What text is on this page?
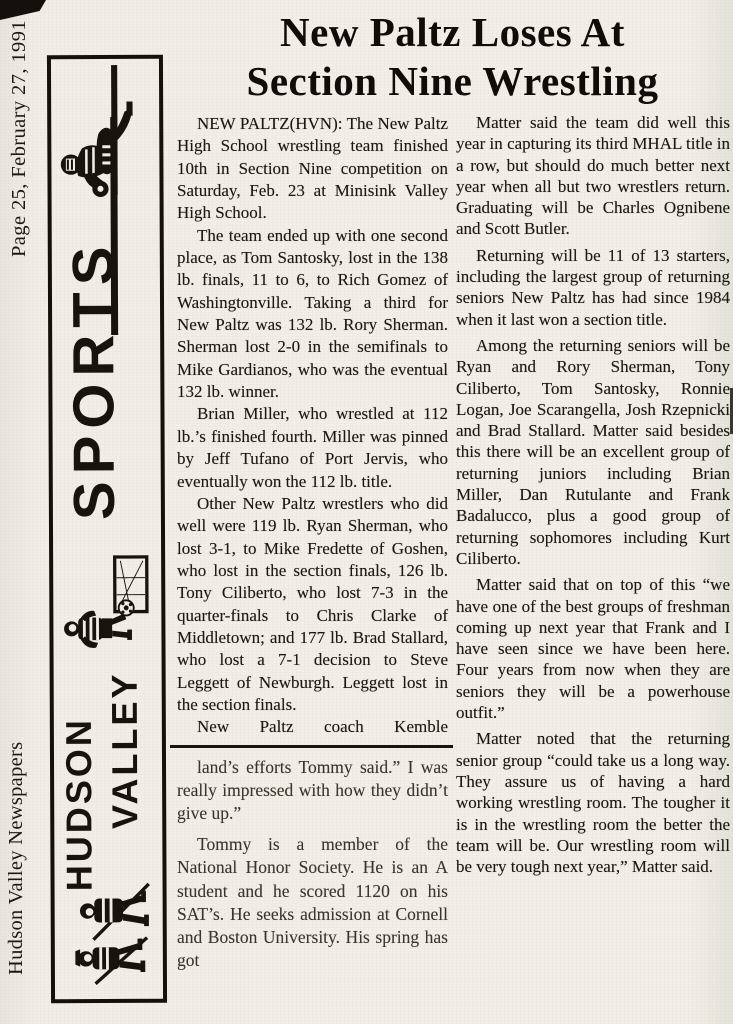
Page 25, February 27, 1991
Hudson Valley Newspapers
SPORTS
HUDSON VALLEY
New Paltz Loses At
Section Nine Wrestling

NEW PALTZ(HVN): The New Paltz High School wrestling team finished 10th in Section Nine competition on Saturday, Feb. 23 at Minisink Valley High School.

The team ended up with one second place, as Tom Santosky, lost in the 138 lb. finals, 11 to 6, to Rich Gomez of Washingtonville. Taking a third for New Paltz was 132 lb. Rory Sherman. Sherman lost 2-0 in the semifinals to Mike Gardianos, who was the eventual 132 lb. winner.

Brian Miller, who wrestled at 112 lb.’s finished fourth. Miller was pinned by Jeff Tufano of Port Jervis, who eventually won the 112 lb. title.

Other New Paltz wrestlers who did well were 119 lb. Ryan Sherman, who lost 3-1, to Mike Fredette of Goshen, who lost in the section finals, 126 lb. Tony Ciliberto, who lost 7-3 in the quarter-finals to Chris Clarke of Middletown; and 177 lb. Brad Stallard, who lost a 7-1 decision to Steve Leggett of Newburgh. Leggett lost in the section finals.

New Paltz coach Kemble

land’s efforts Tommy said.” I was really impressed with how they didn’t give up.”

Tommy is a member of the National Honor Society. He is an A student and he scored 1120 on his SAT’s. He seeks admission at Cornell and Boston University. His spring has got

Matter said the team did well this year in capturing its third MHAL title in a row, but should do much better next year when all but two wrestlers return. Graduating will be Charles Ognibene and Scott Butler.

Returning will be 11 of 13 starters, including the largest group of returning seniors New Paltz has had since 1984 when it last won a section title.

Among the returning seniors will be Ryan and Rory Sherman, Tony Ciliberto, Tom Santosky, Ronnie Logan, Joe Scarangella, Josh Rzepnicki and Brad Stallard. Matter said besides this there will be an excellent group of returning juniors including Brian Miller, Dan Rutulante and Frank Badalucco, plus a good group of returning sophomores including Kurt Ciliberto.

Matter said that on top of this “we have one of the best groups of freshman coming up next year that Frank and I have seen since we have been here. Four years from now when they are seniors they will be a powerhouse outfit.”

Matter noted that the returning senior group “could take us a long way. They assure us of having a hard working wrestling room. The tougher it is in the wrestling room the better the team will be. Our wrestling room will be very tough next year,” Matter said.
